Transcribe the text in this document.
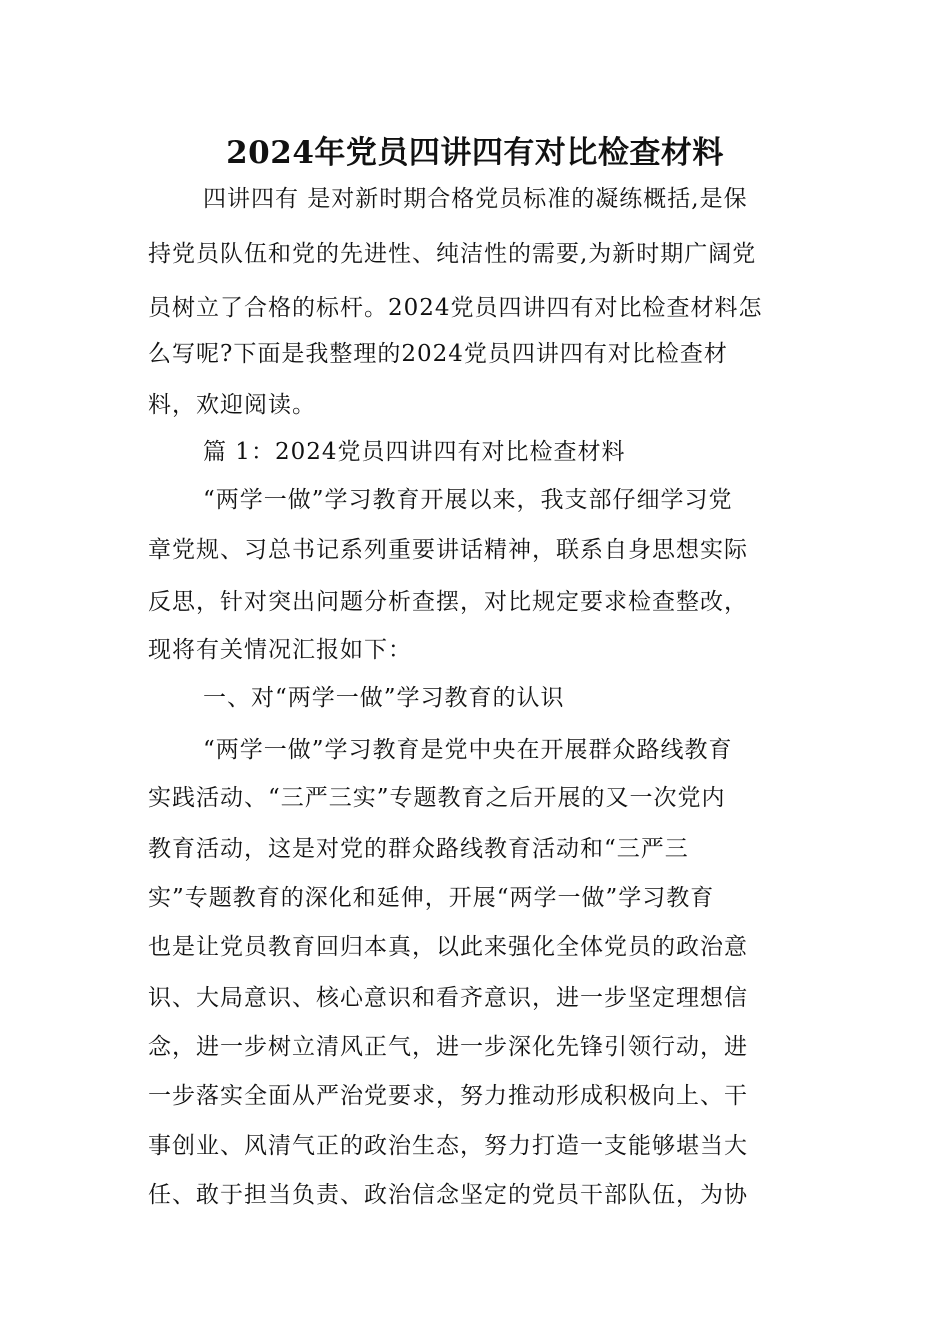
2024年党员四讲四有对比检查材料
四讲四有 是对新时期合格党员标准的凝练概括,是保
持党员队伍和党的先进性、纯洁性的需要,为新时期广阔党
员树立了合格的标杆。2024党员四讲四有对比检查材料怎
么写呢?下面是我整理的2024党员四讲四有对比检查材
料，欢迎阅读。
篇 1：2024党员四讲四有对比检查材料
“两学一做”学习教育开展以来，我支部仔细学习党
章党规、习总书记系列重要讲话精神，联系自身思想实际
反思，针对突出问题分析查摆，对比规定要求检查整改，
现将有关情况汇报如下：
一、对“两学一做”学习教育的认识
“两学一做”学习教育是党中央在开展群众路线教育
实践活动、“三严三实”专题教育之后开展的又一次党内
教育活动，这是对党的群众路线教育活动和“三严三
实”专题教育的深化和延伸，开展“两学一做”学习教育
也是让党员教育回归本真，以此来强化全体党员的政治意
识、大局意识、核心意识和看齐意识，进一步坚定理想信
念，进一步树立清风正气，进一步深化先锋引领行动，进
一步落实全面从严治党要求，努力推动形成积极向上、干
事创业、风清气正的政治生态，努力打造一支能够堪当大
任、敢于担当负责、政治信念坚定的党员干部队伍，为协
